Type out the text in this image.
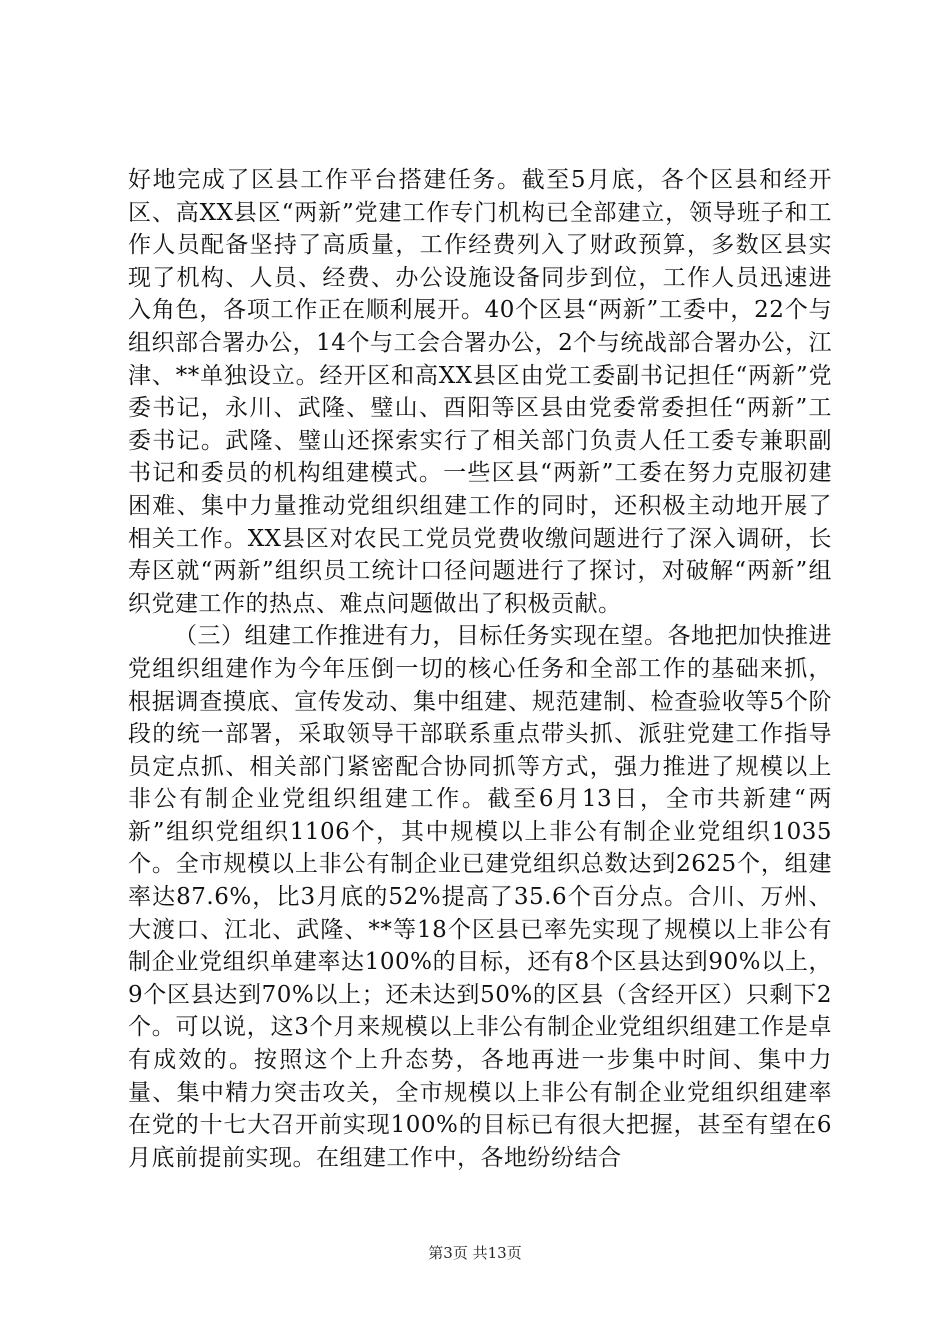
好地完成了区县工作平台搭建任务。截至5月底，各个区县和经开区、高XX县区“两新”党建工作专门机构已全部建立，领导班子和工作人员配备坚持了高质量，工作经费列入了财政预算，多数区县实现了机构、人员、经费、办公设施设备同步到位，工作人员迅速进入角色，各项工作正在顺利展开。40个区县“两新”工委中，22个与组织部合署办公，14个与工会合署办公，2个与统战部合署办公，江津、**单独设立。经开区和高XX县区由党工委副书记担任“两新”党委书记，永川、武隆、璧山、酉阳等区县由党委常委担任“两新”工委书记。武隆、璧山还探索实行了相关部门负责人任工委专兼职副书记和委员的机构组建模式。一些区县“两新”工委在努力克服初建困难、集中力量推动党组织组建工作的同时，还积极主动地开展了相关工作。XX县区对农民工党员党费收缴问题进行了深入调研，长寿区就“两新”组织员工统计口径问题进行了探讨，对破解“两新”组织党建工作的热点、难点问题做出了积极贡献。

（三）组建工作推进有力，目标任务实现在望。各地把加快推进党组织组建作为今年压倒一切的核心任务和全部工作的基础来抓，根据调查摸底、宣传发动、集中组建、规范建制、检查验收等5个阶段的统一部署，采取领导干部联系重点带头抓、派驻党建工作指导员定点抓、相关部门紧密配合协同抓等方式，强力推进了规模以上非公有制企业党组织组建工作。截至6月13日，全市共新建“两新”组织党组织1106个，其中规模以上非公有制企业党组织1035个。全市规模以上非公有制企业已建党组织总数达到2625个，组建率达87.6%，比3月底的52%提高了35.6个百分点。合川、万州、大渡口、江北、武隆、**等18个区县已率先实现了规模以上非公有制企业党组织单建率达100%的目标，还有8个区县达到90%以上，9个区县达到70%以上；还未达到50%的区县（含经开区）只剩下2个。可以说，这3个月来规模以上非公有制企业党组织组建工作是卓有成效的。按照这个上升态势，各地再进一步集中时间、集中力量、集中精力突击攻关，全市规模以上非公有制企业党组织组建率在党的十七大召开前实现100%的目标已有很大把握，甚至有望在6月底前提前实现。在组建工作中，各地纷纷结合

第3页 共13页
